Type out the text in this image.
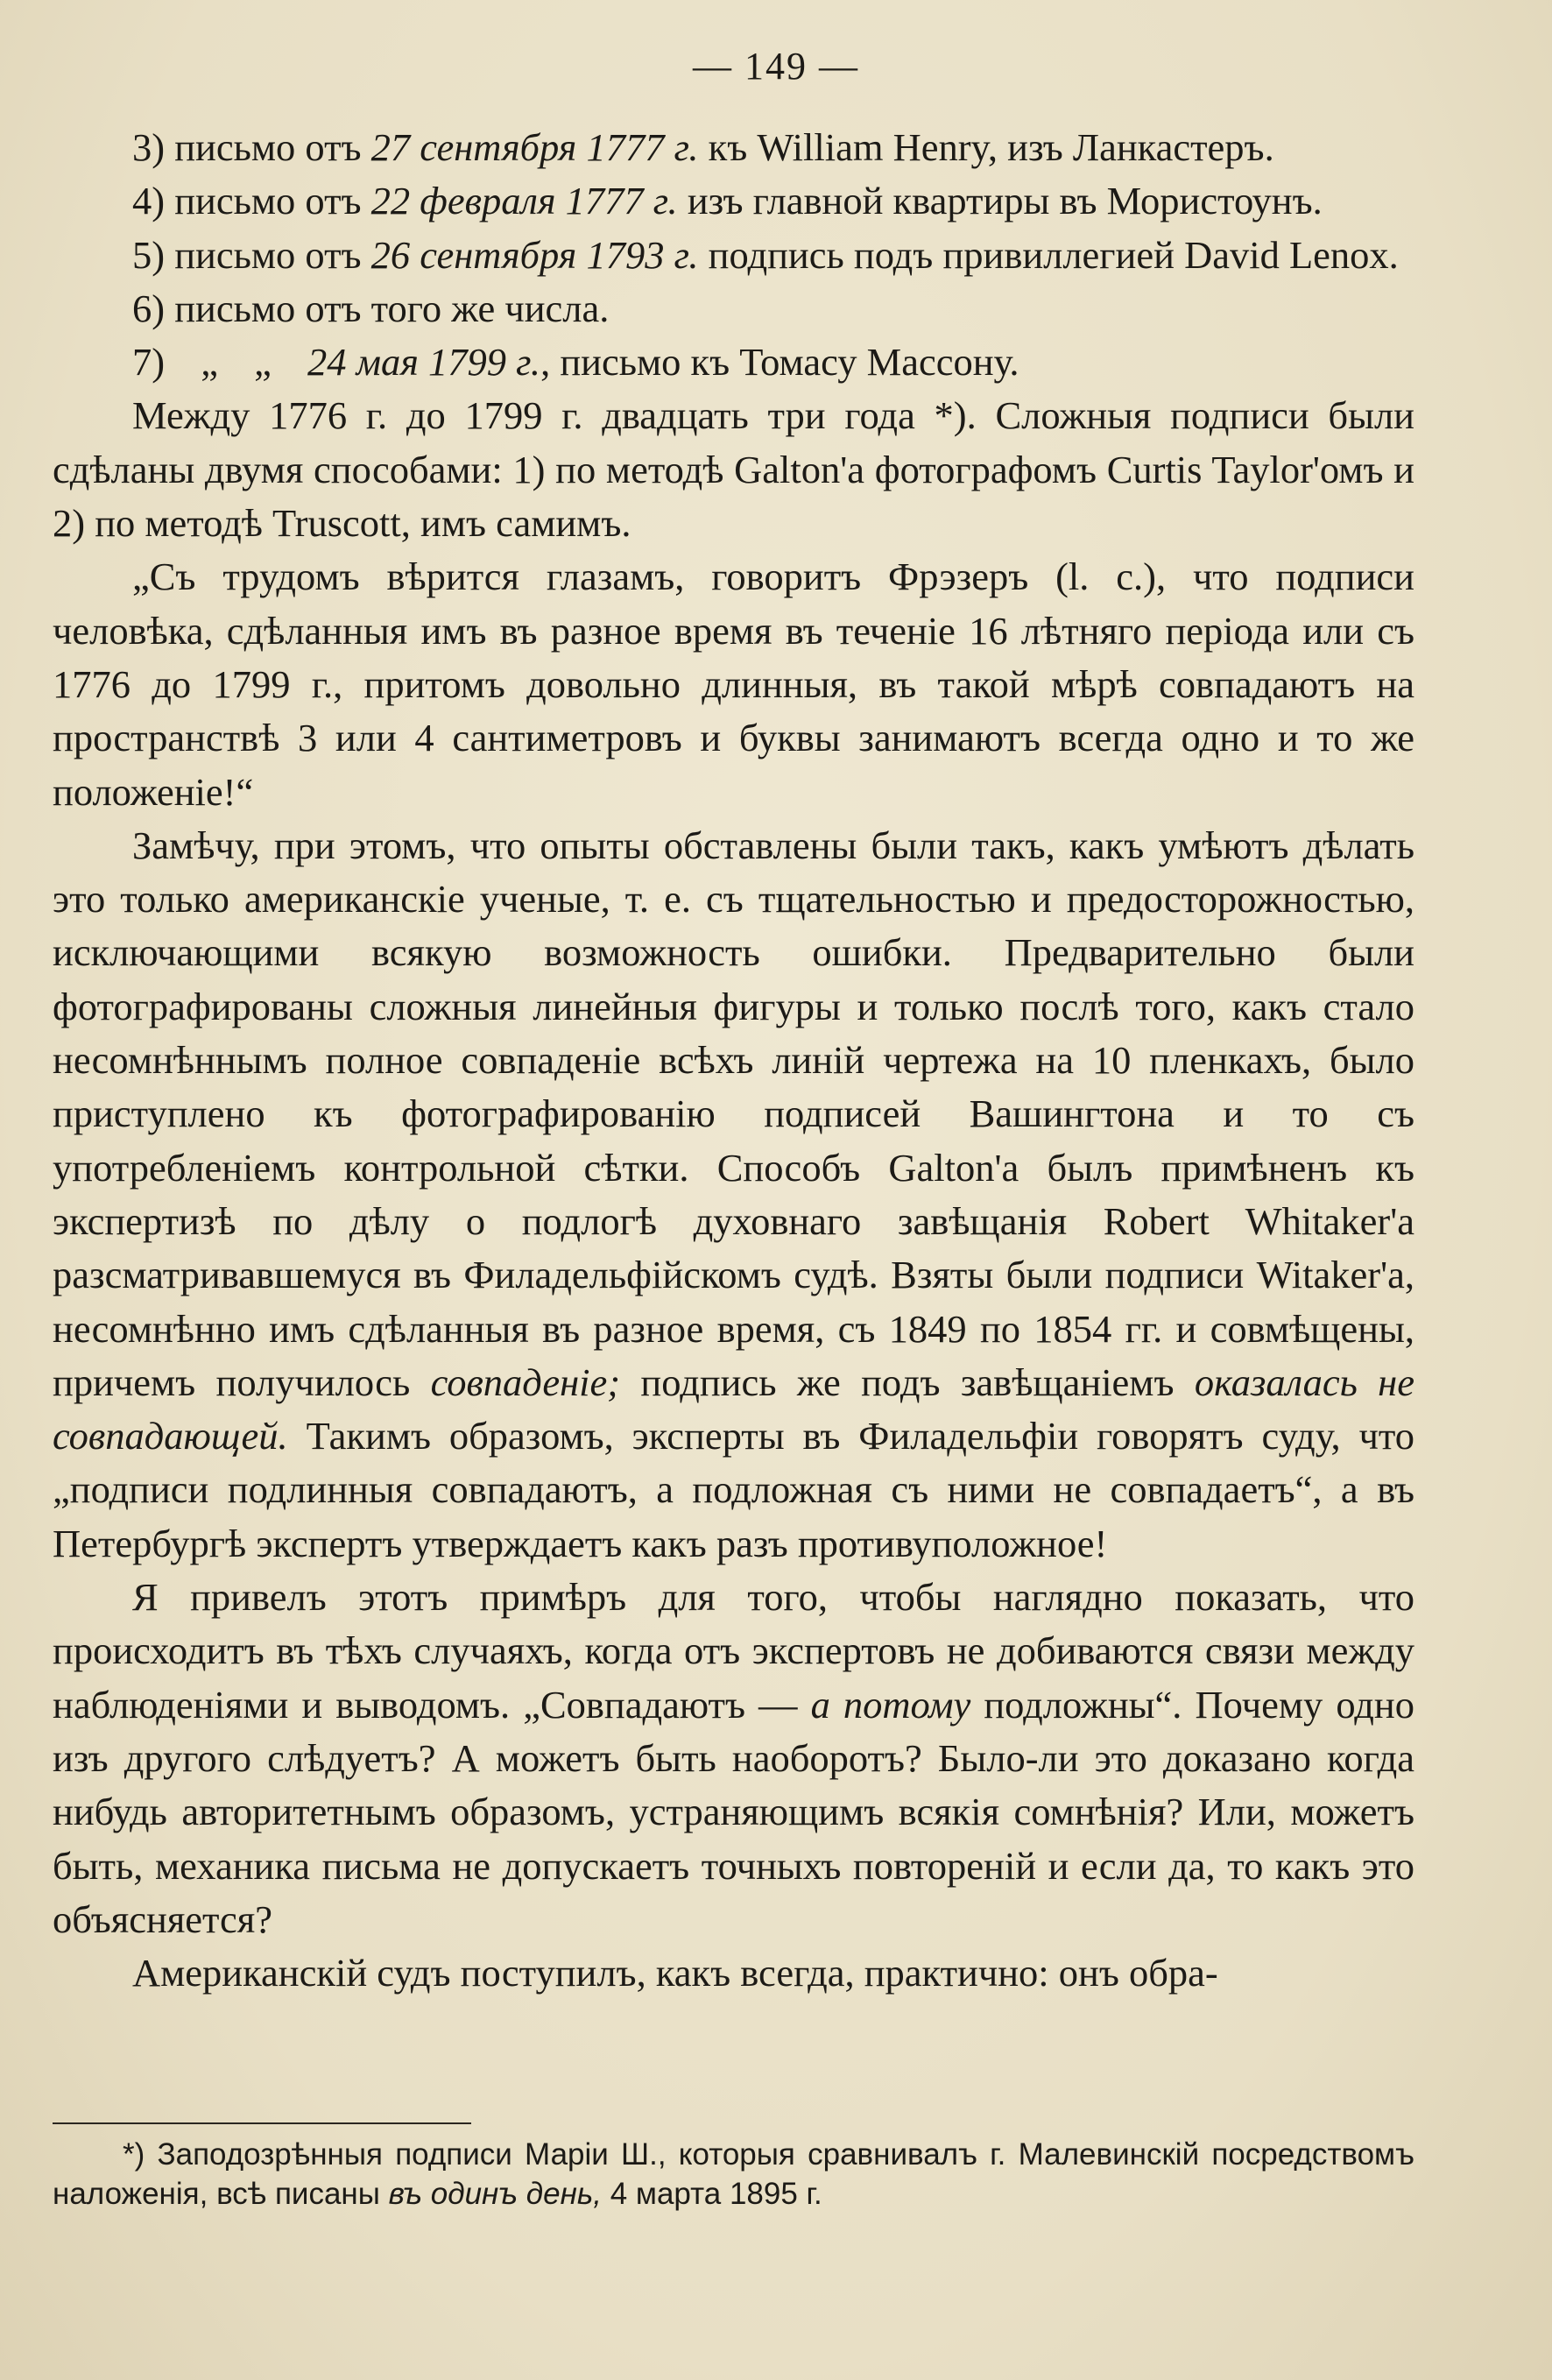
— 149 —

3) письмо отъ 27 сентября 1777 г. къ William Henry, изъ Ланкастеръ.

4) письмо отъ 22 февраля 1777 г. изъ главной квартиры въ Мористоунъ.

5) письмо отъ 26 сентября 1793 г. подпись подъ привиллегией David Lenox.

6) письмо отъ того же числа.

7) „ „ 24 мая 1799 г., письмо къ Томасу Массону.

Между 1776 г. до 1799 г. двадцать три года *). Сложныя подписи были сдѣланы двумя способами: 1) по методѣ Galton'а фотографомъ Curtis Taylor'омъ и 2) по методѣ Truscott, имъ самимъ.

„Съ трудомъ вѣрится глазамъ, говоритъ Фрэзеръ (l. c.), что подписи человѣка, сдѣланныя имъ въ разное время въ теченіе 16 лѣтняго періода или съ 1776 до 1799 г., притомъ довольно длинныя, въ такой мѣрѣ совпадаютъ на пространствѣ 3 или 4 сантиметровъ и буквы занимаютъ всегда одно и то же положеніе!“

Замѣчу, при этомъ, что опыты обставлены были такъ, какъ умѣютъ дѣлать это только американскіе ученые, т. е. съ тщательностью и предосторожностью, исключающими всякую возможность ошибки. Предварительно были фотографированы сложныя линейныя фигуры и только послѣ того, какъ стало несомнѣннымъ полное совпаденіе всѣхъ линій чертежа на 10 пленкахъ, было приступлено къ фотографированію подписей Вашингтона и то съ употребленіемъ контрольной сѣтки. Способъ Galton'а былъ примѣненъ къ экспертизѣ по дѣлу о подлогѣ духовнаго завѣщанія Robert Whitaker'а разсматривавшемуся въ Филадельфійскомъ судѣ. Взяты были подписи Witaker'а, несомнѣнно имъ сдѣланныя въ разное время, съ 1849 по 1854 гг. и совмѣщены, причемъ получилось совпаденіе; подпись же подъ завѣщаніемъ оказалась не совпадающей. Такимъ образомъ, эксперты въ Филадельфіи говорятъ суду, что „подписи подлинныя совпадаютъ, а подложная съ ними не совпадаетъ“, а въ Петербургѣ экспертъ утверждаетъ какъ разъ противуположное!

Я привелъ этотъ примѣръ для того, чтобы наглядно показать, что происходитъ въ тѣхъ случаяхъ, когда отъ экспертовъ не добиваются связи между наблюденіями и выводомъ. „Совпадаютъ — а потому подложны“. Почему одно изъ другого слѣдуетъ? А можетъ быть наоборотъ? Было-ли это доказано когда нибудь авторитетнымъ образомъ, устраняющимъ всякія сомнѣнія? Или, можетъ быть, механика письма не допускаетъ точныхъ повтореній и если да, то какъ это объясняется?

Американскій судъ поступилъ, какъ всегда, практично: онъ обра-

*) Заподозрѣнныя подписи Маріи Ш., которыя сравнивалъ г. Малевинскій посредствомъ наложенія, всѣ писаны въ одинъ день, 4 марта 1895 г.
